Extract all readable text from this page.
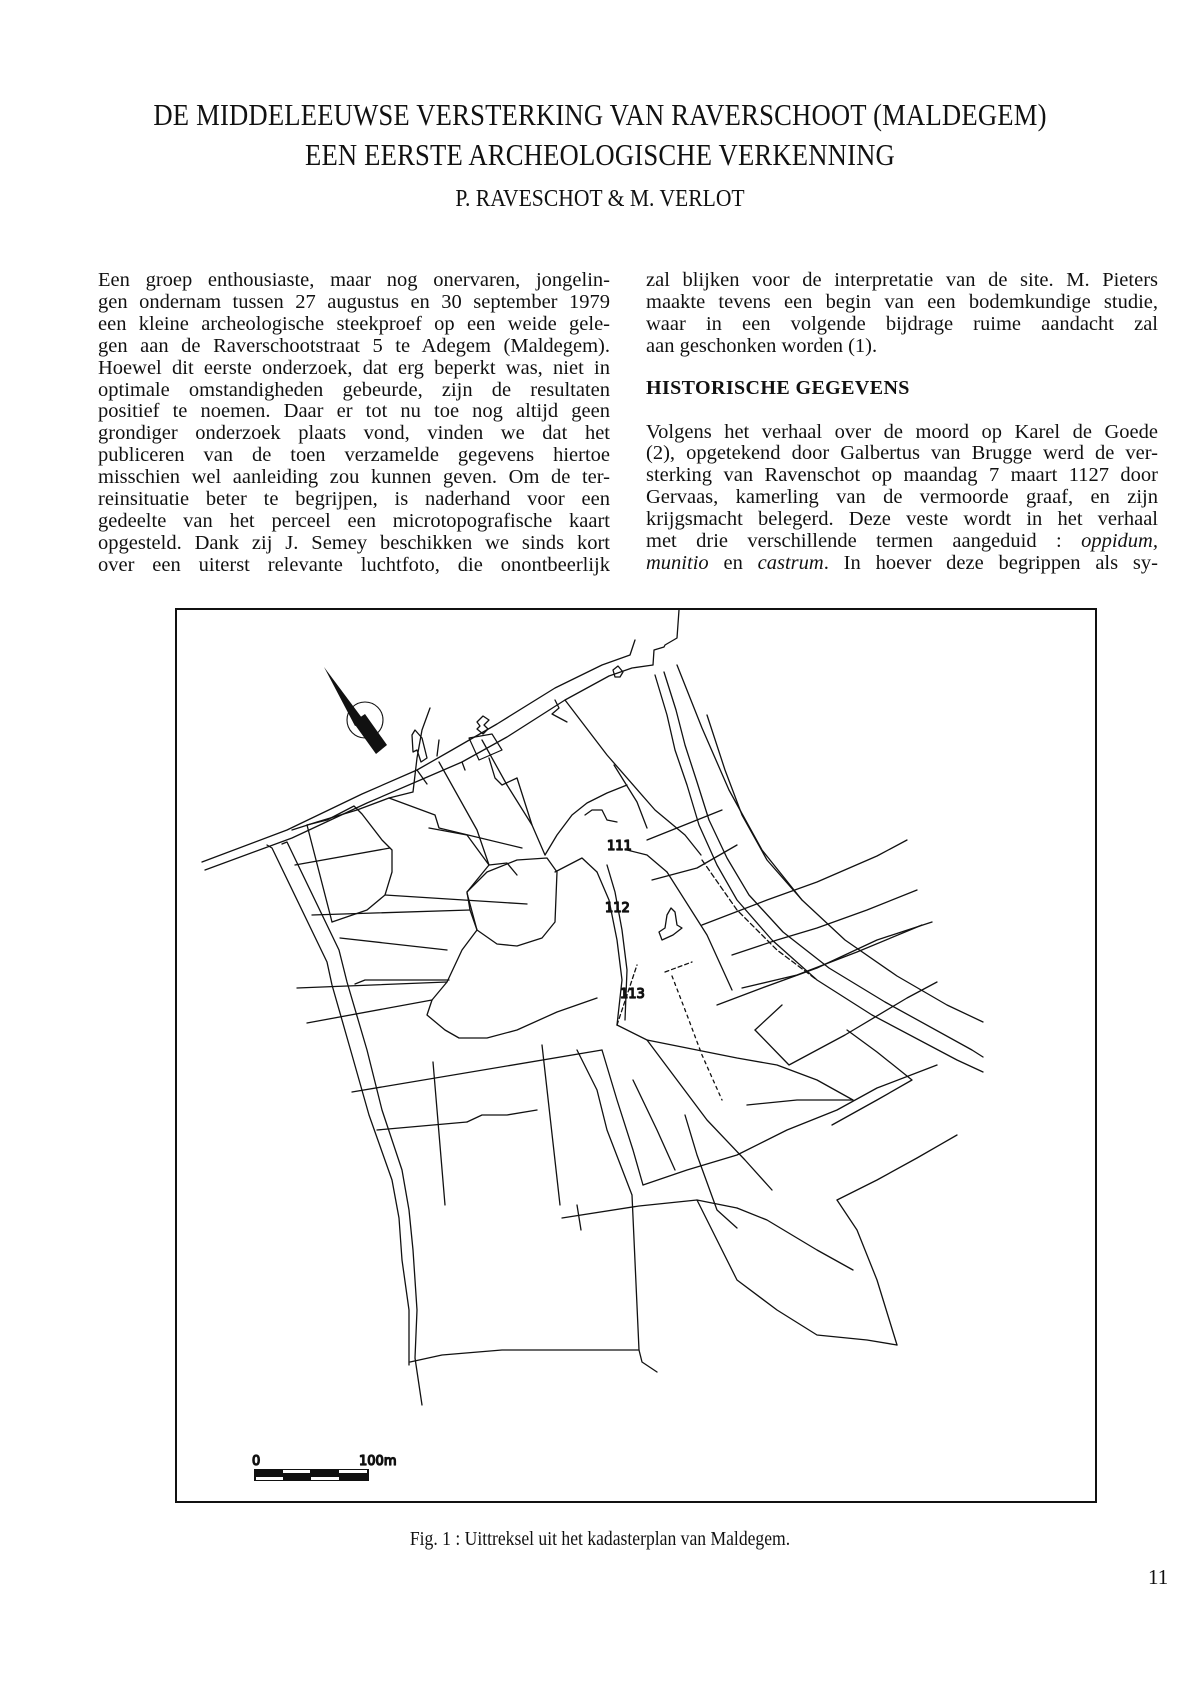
DE MIDDELEEUWSE VERSTERKING VAN RAVERSCHOOT (MALDEGEM)
EEN EERSTE ARCHEOLOGISCHE VERKENNING
P. RAVESCHOT & M. VERLOT

Een groep enthousiaste, maar nog onervaren, jongelin-
gen ondernam tussen 27 augustus en 30 september 1979
een kleine archeologische steekproef op een weide gele-
gen aan de Raverschootstraat 5 te Adegem (Maldegem).
Hoewel dit eerste onderzoek, dat erg beperkt was, niet in
optimale omstandigheden gebeurde, zijn de resultaten
positief te noemen. Daar er tot nu toe nog altijd geen
grondiger onderzoek plaats vond, vinden we dat het
publiceren van de toen verzamelde gegevens hiertoe
misschien wel aanleiding zou kunnen geven. Om de ter-
reinsituatie beter te begrijpen, is naderhand voor een
gedeelte van het perceel een microtopografische kaart
opgesteld. Dank zij J. Semey beschikken we sinds kort
over een uiterst relevante luchtfoto, die onontbeerlijk

zal blijken voor de interpretatie van de site. M. Pieters
maakte tevens een begin van een bodemkundige studie,
waar in een volgende bijdrage ruime aandacht zal
aan geschonken worden (1).

HISTORISCHE GEGEVENS

Volgens het verhaal over de moord op Karel de Goede
(2), opgetekend door Galbertus van Brugge werd de ver-
sterking van Ravenschot op maandag 7 maart 1127 door
Gervaas, kamerling van de vermoorde graaf, en zijn
krijgsmacht belegerd. Deze veste wordt in het verhaal
met drie verschillende termen aangeduid : oppidum,
munitio en castrum. In hoever deze begrippen als sy-

111
112
113
0	100m
Fig. 1 : Uittreksel uit het kadasterplan van Maldegem.
11
